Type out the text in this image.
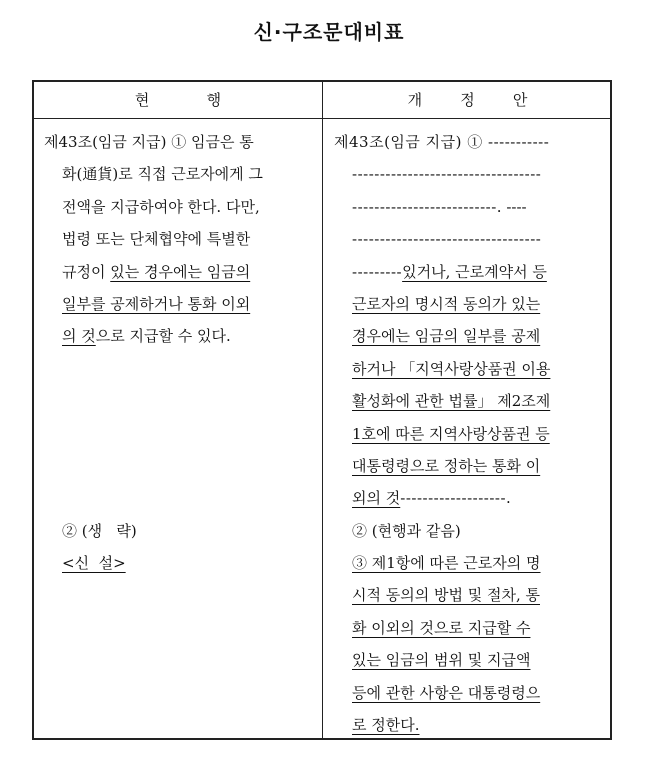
신·구조문대비표
현            행	개        정        안
제43조(임금 지급) ① 임금은 통
화(通貨)로 직접 근로자에게 그
전액을 지급하여야 한다. 다만,
법령 또는 단체협약에 특별한
규정이 있는 경우에는 임금의
일부를 공제하거나 통화 이외
의 것으로 지급할 수 있다.
② (생   략)
<신  설>
제43조(임금 지급) ① -----------
----------------------------------
--------------------------. ----
----------------------------------
---------있거나, 근로계약서 등
근로자의 명시적 동의가 있는
경우에는 임금의 일부를 공제
하거나 「지역사랑상품권 이용
활성화에 관한 법률」 제2조제
1호에 따른 지역사랑상품권 등
대통령령으로 정하는 통화 이
외의 것-------------------.
② (현행과 같음)
③ 제1항에 따른 근로자의 명
시적 동의의 방법 및 절차, 통
화 이외의 것으로 지급할 수
있는 임금의 범위 및 지급액
등에 관한 사항은 대통령령으
로 정한다.
